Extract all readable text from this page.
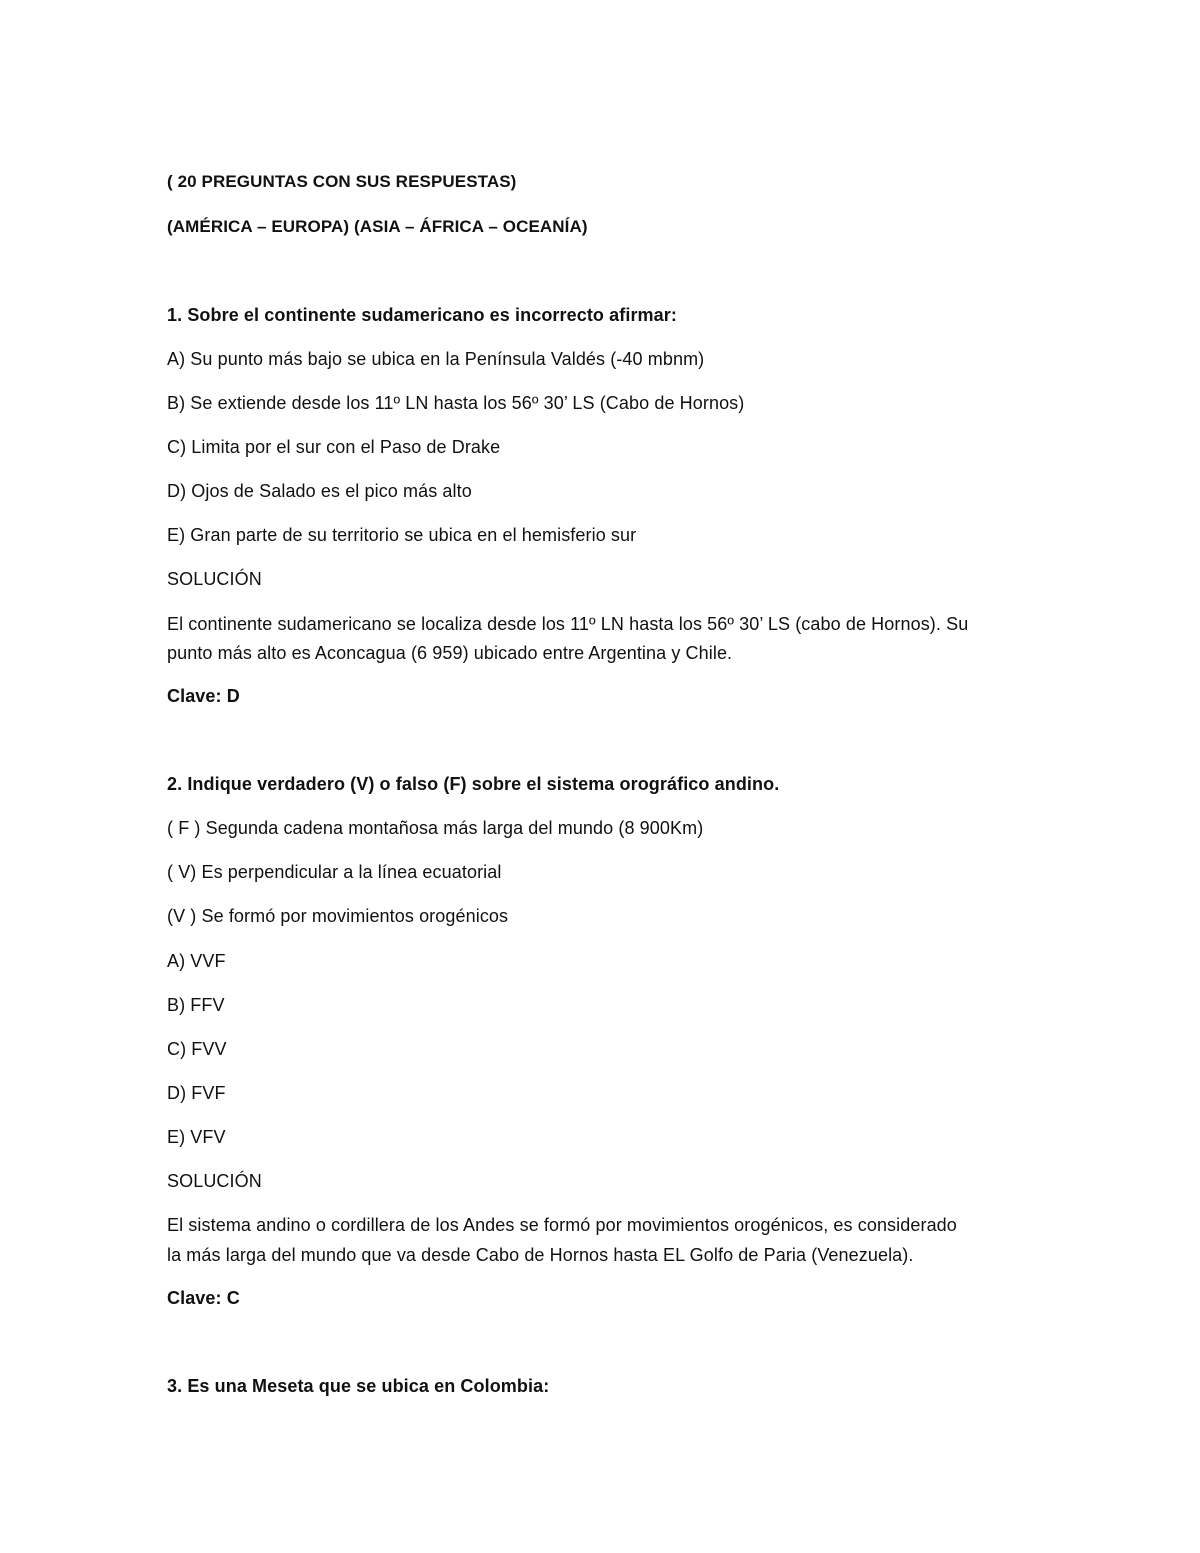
( 20 PREGUNTAS CON SUS RESPUESTAS)
(AMÉRICA – EUROPA) (ASIA – ÁFRICA – OCEANÍA)
1. Sobre el continente sudamericano es incorrecto afirmar:
A) Su punto más bajo se ubica en la Península Valdés (-40 mbnm)
B) Se extiende desde los 11º LN hasta los 56º 30’ LS (Cabo de Hornos)
C) Limita por el sur con el Paso de Drake
D) Ojos de Salado es el pico más alto
E) Gran parte de su territorio se ubica en el hemisferio sur
SOLUCIÓN
El continente sudamericano se localiza desde los 11º LN hasta los 56º 30’ LS (cabo de Hornos). Su
punto más alto es Aconcagua (6 959) ubicado entre Argentina y Chile.
Clave: D
2. Indique verdadero (V) o falso (F) sobre el sistema orográfico andino.
( F ) Segunda cadena montañosa más larga del mundo (8 900Km)
( V) Es perpendicular a la línea ecuatorial
(V ) Se formó por movimientos orogénicos
A) VVF
B) FFV
C) FVV
D) FVF
E) VFV
SOLUCIÓN
El sistema andino o cordillera de los Andes se formó por movimientos orogénicos, es considerado
la más larga del mundo que va desde Cabo de Hornos hasta EL Golfo de Paria (Venezuela).
Clave: C
3. Es una Meseta que se ubica en Colombia:
